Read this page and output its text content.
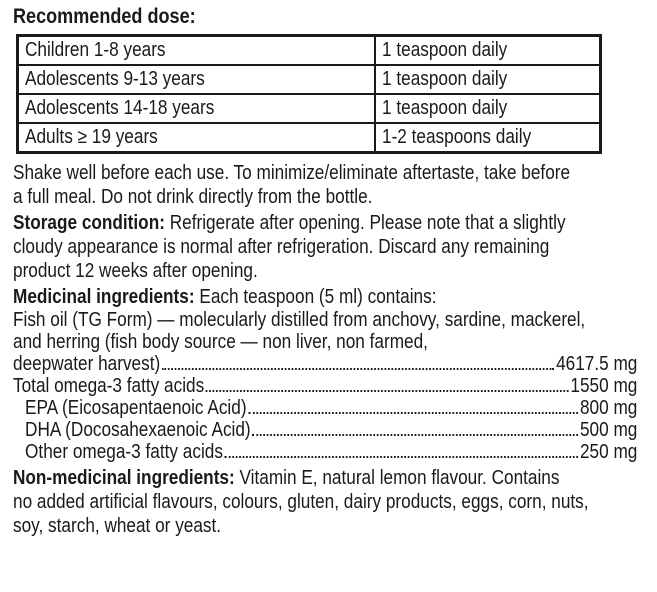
Recommended dose:
Children 1-8 years	1 teaspoon daily
Adolescents 9-13 years	1 teaspoon daily
Adolescents 14-18 years	1 teaspoon daily
Adults ≥ 19 years	1-2 teaspoons daily
Shake well before each use. To minimize/eliminate aftertaste, take before
a full meal. Do not drink directly from the bottle.
Storage condition: Refrigerate after opening. Please note that a slightly
cloudy appearance is normal after refrigeration. Discard any remaining
product 12 weeks after opening.
Medicinal ingredients: Each teaspoon (5 ml) contains:
Fish oil (TG Form) — molecularly distilled from anchovy, sardine, mackerel,
and herring (fish body source — non liver, non farmed,
deepwater harvest)	4617.5 mg
Total omega-3 fatty acids	1550 mg
EPA (Eicosapentaenoic Acid)	800 mg
DHA (Docosahexaenoic Acid)	500 mg
Other omega-3 fatty acids	250 mg
Non-medicinal ingredients: Vitamin E, natural lemon flavour. Contains
no added artificial flavours, colours, gluten, dairy products, eggs, corn, nuts,
soy, starch, wheat or yeast.
